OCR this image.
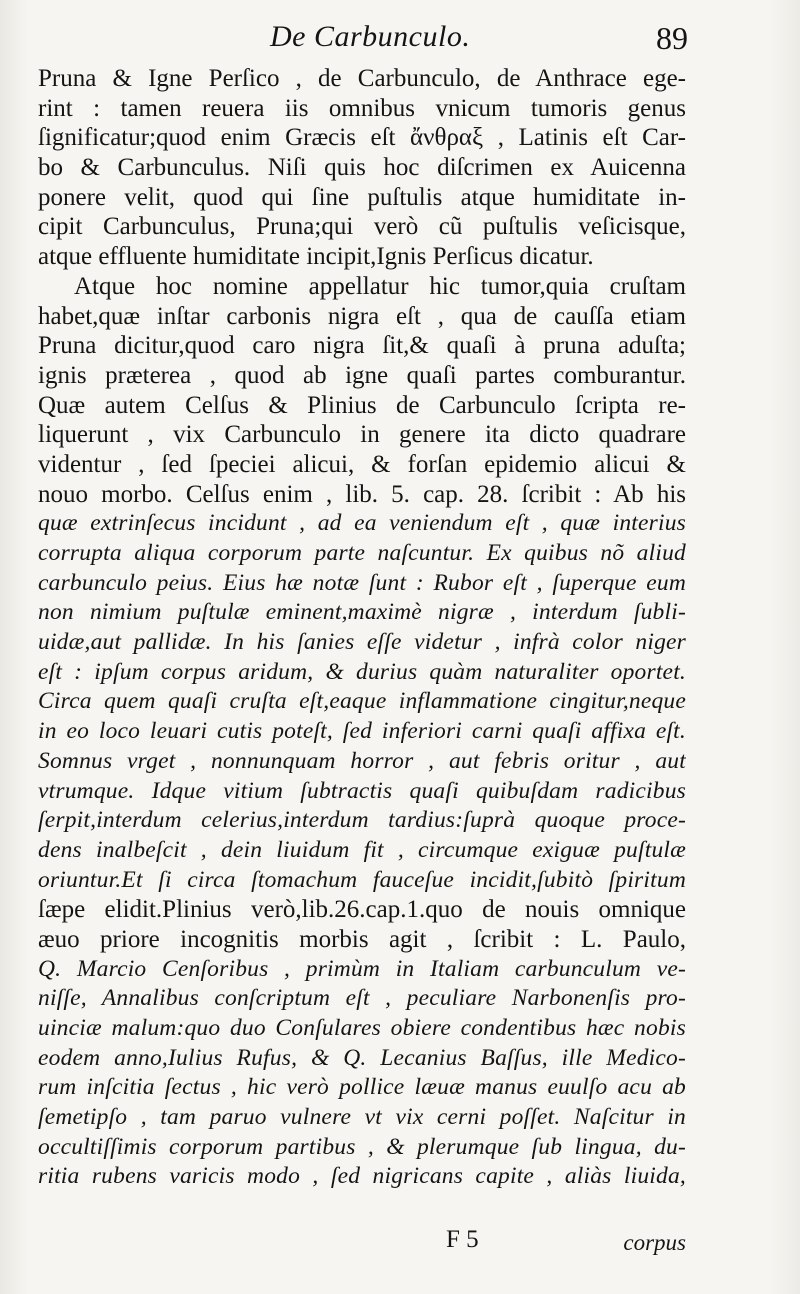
De Carbunculo.	89
Pruna & Igne Perſico , de Carbunculo, de Anthrace ege-
rint : tamen reuera iis omnibus vnicum tumoris genus
ſignificatur;quod enim Græcis eſt ἄνθραξ , Latinis eſt Car-
bo & Carbunculus. Niſi quis hoc diſcrimen ex Auicenna
ponere velit, quod qui ſine puſtulis atque humiditate in-
cipit Carbunculus, Pruna;qui verò cũ puſtulis veſicisque,
atque effluente humiditate incipit,Ignis Perſicus dicatur.
Atque hoc nomine appellatur hic tumor,quia cruſtam
habet,quæ inſtar carbonis nigra eſt , qua de cauſſa etiam
Pruna dicitur,quod caro nigra ſit,& quaſi à pruna aduſta;
ignis præterea , quod ab igne quaſi partes comburantur.
Quæ autem Celſus & Plinius de Carbunculo ſcripta re-
liquerunt , vix Carbunculo in genere ita dicto quadrare
videntur , ſed ſpeciei alicui, & forſan epidemio alicui &
nouo morbo. Celſus enim , lib. 5. cap. 28. ſcribit : Ab his
quæ extrinſecus incidunt , ad ea veniendum eſt , quæ interius
corrupta aliqua corporum parte naſcuntur. Ex quibus nõ aliud
carbunculo peius. Eius hæ notæ ſunt : Rubor eſt , ſuperque eum
non nimium puſtulæ eminent,maximè nigræ , interdum ſubli-
uidæ,aut pallidæ. In his ſanies eſſe videtur , infrà color niger
eſt : ipſum corpus aridum, & durius quàm naturaliter oportet.
Circa quem quaſi cruſta eſt,eaque inflammatione cingitur,neque
in eo loco leuari cutis poteſt, ſed inferiori carni quaſi affixa eſt.
Somnus vrget , nonnunquam horror , aut febris oritur , aut
vtrumque. Idque vitium ſubtractis quaſi quibuſdam radicibus
ſerpit,interdum celerius,interdum tardius:ſuprà quoque proce-
dens inalbeſcit , dein liuidum fit , circumque exiguæ puſtulæ
oriuntur.Et ſi circa ſtomachum fauceſue incidit,ſubitò ſpiritum
ſæpe elidit.Plinius verò,lib.26.cap.1.quo de nouis omnique
æuo priore incognitis morbis agit , ſcribit : L. Paulo,
Q. Marcio Cenſoribus , primùm in Italiam carbunculum ve-
niſſe, Annalibus conſcriptum eſt , peculiare Narbonenſis pro-
uinciæ malum:quo duo Conſulares obiere condentibus hæc nobis
eodem anno,Iulius Rufus, & Q. Lecanius Baſſus, ille Medico-
rum inſcitia ſectus , hic verò pollice læuæ manus euulſo acu ab
ſemetipſo , tam paruo vulnere vt vix cerni poſſet. Naſcitur in
occultiſſimis corporum partibus , & plerumque ſub lingua, du-
ritia rubens varicis modo , ſed nigricans capite , aliàs liuida,
F 5	corpus
